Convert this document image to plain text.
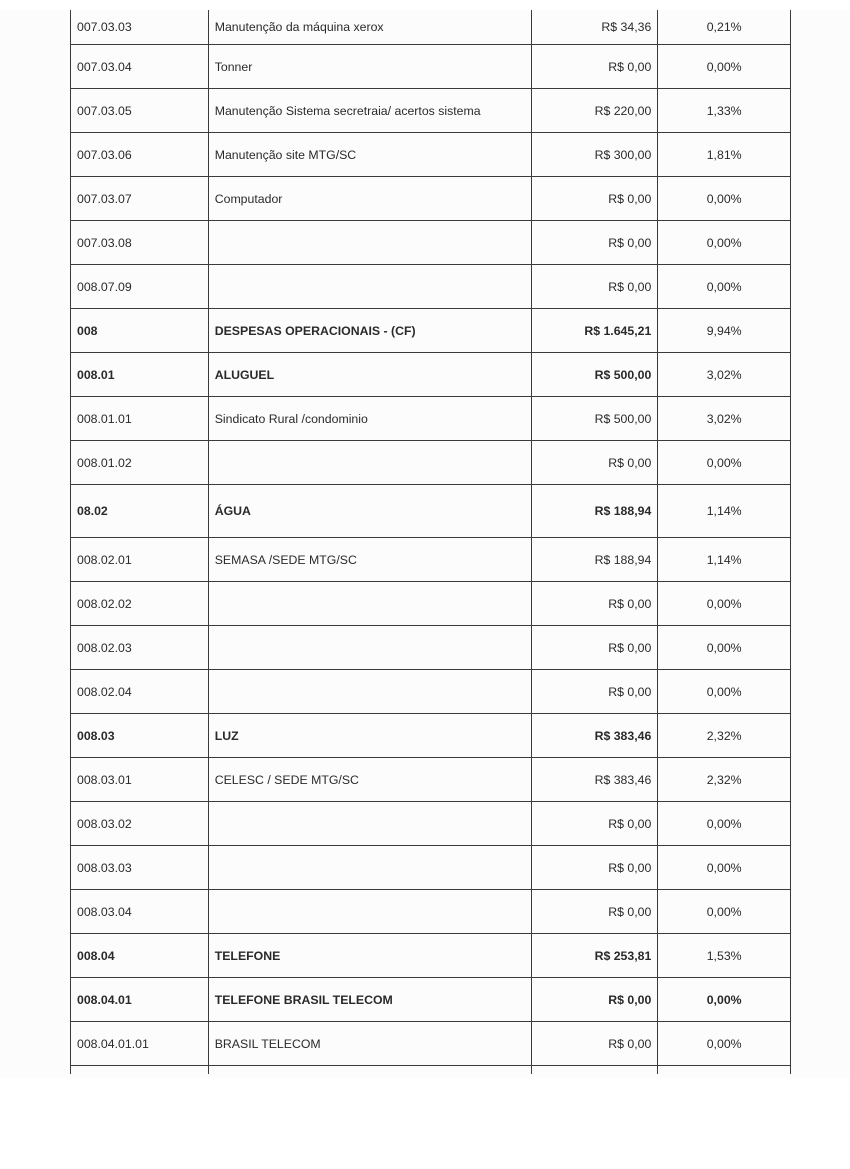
007.03.03	Manutenção da máquina xerox	R$ 34,36	0,21%
007.03.04	Tonner	R$ 0,00	0,00%
007.03.05	Manutenção Sistema secretraia/ acertos sistema	R$ 220,00	1,33%
007.03.06	Manutenção site MTG/SC	R$ 300,00	1,81%
007.03.07	Computador	R$ 0,00	0,00%
007.03.08		R$ 0,00	0,00%
008.07.09		R$ 0,00	0,00%
008	DESPESAS OPERACIONAIS - (CF)	R$ 1.645,21	9,94%
008.01	ALUGUEL	R$ 500,00	3,02%
008.01.01	Sindicato Rural /condominio	R$ 500,00	3,02%
008.01.02		R$ 0,00	0,00%
08.02	ÁGUA	R$ 188,94	1,14%
008.02.01	SEMASA /SEDE MTG/SC	R$ 188,94	1,14%
008.02.02		R$ 0,00	0,00%
008.02.03		R$ 0,00	0,00%
008.02.04		R$ 0,00	0,00%
008.03	LUZ	R$ 383,46	2,32%
008.03.01	CELESC / SEDE MTG/SC	R$ 383,46	2,32%
008.03.02		R$ 0,00	0,00%
008.03.03		R$ 0,00	0,00%
008.03.04		R$ 0,00	0,00%
008.04	TELEFONE	R$ 253,81	1,53%
008.04.01	TELEFONE BRASIL TELECOM	R$ 0,00	0,00%
008.04.01.01	BRASIL TELECOM	R$ 0,00	0,00%
